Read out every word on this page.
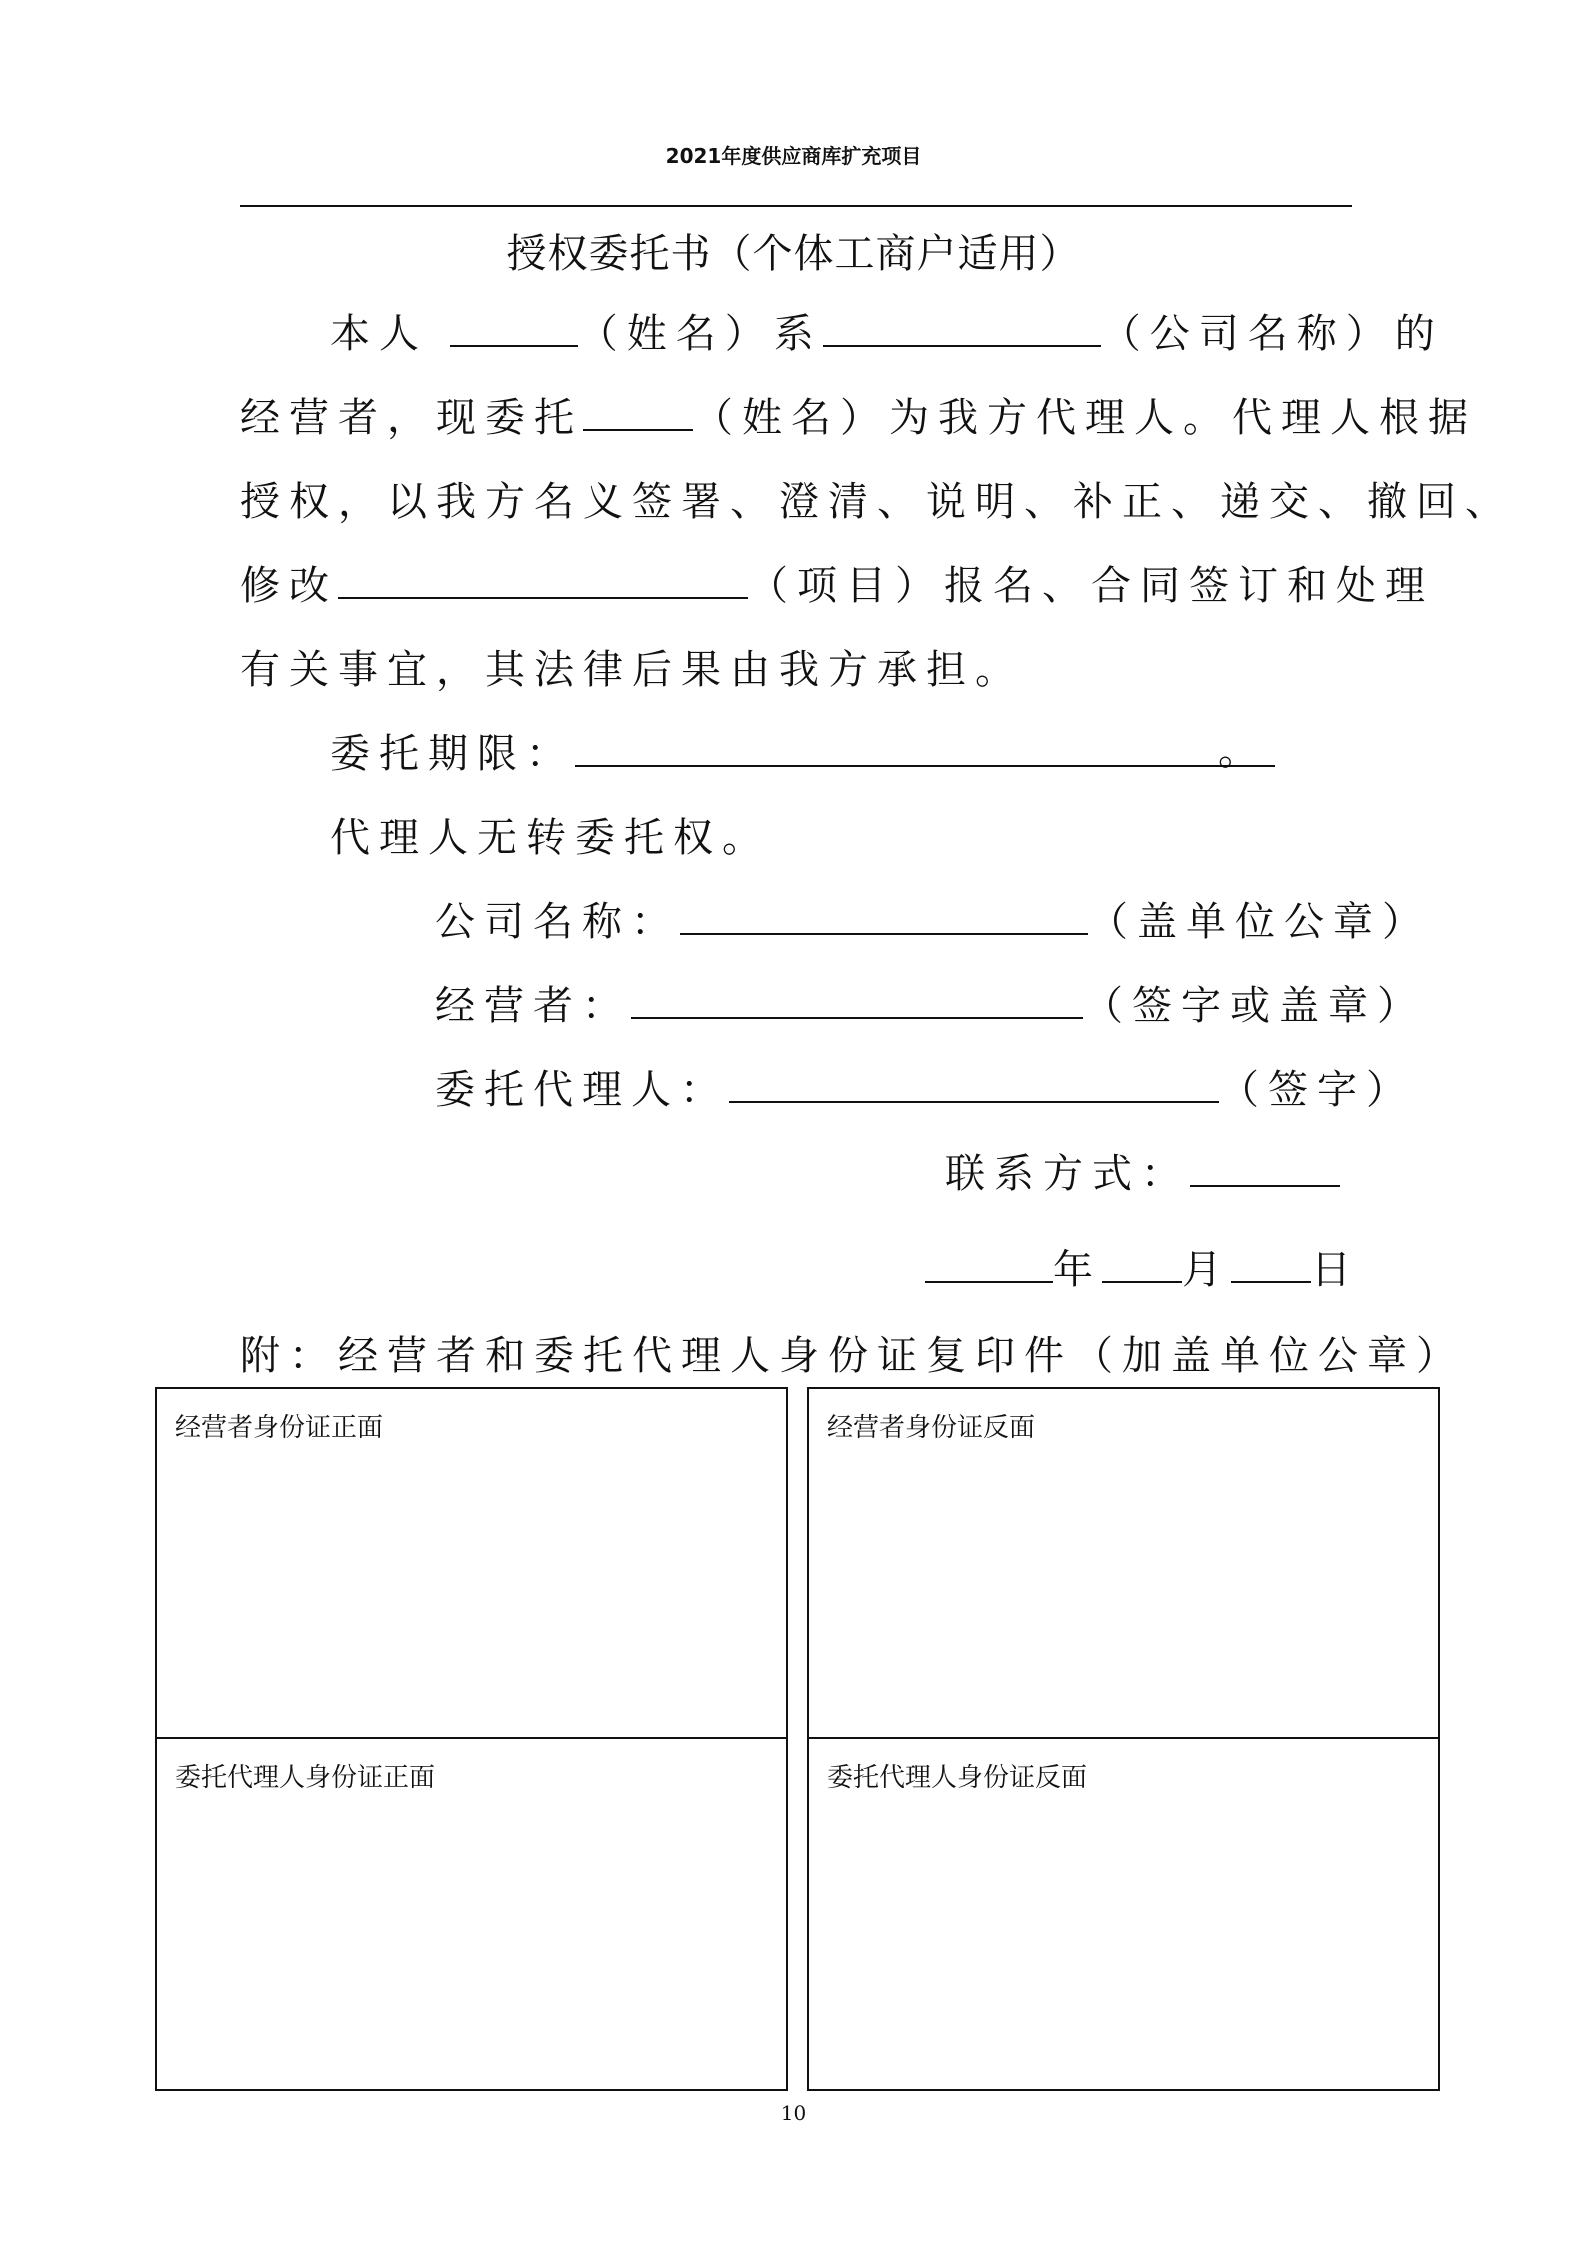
2021年度供应商库扩充项目
授权委托书（个体工商户适用）
本人	（姓名）系	（公司名称）的
经营者，现委托	（姓名）为我方代理人。代理人根据
授权，以我方名义签署、澄清、说明、补正、递交、撤回、
修改	（项目）报名、合同签订和处理
有关事宜，其法律后果由我方承担。
委托期限：	。
代理人无转委托权。
公司名称：	（盖单位公章）
经营者：	（签字或盖章）
委托代理人：	（签字）
联系方式：
年 月 日
附：经营者和委托代理人身份证复印件（加盖单位公章）
经营者身份证正面	经营者身份证反面
委托代理人身份证正面	委托代理人身份证反面
10
